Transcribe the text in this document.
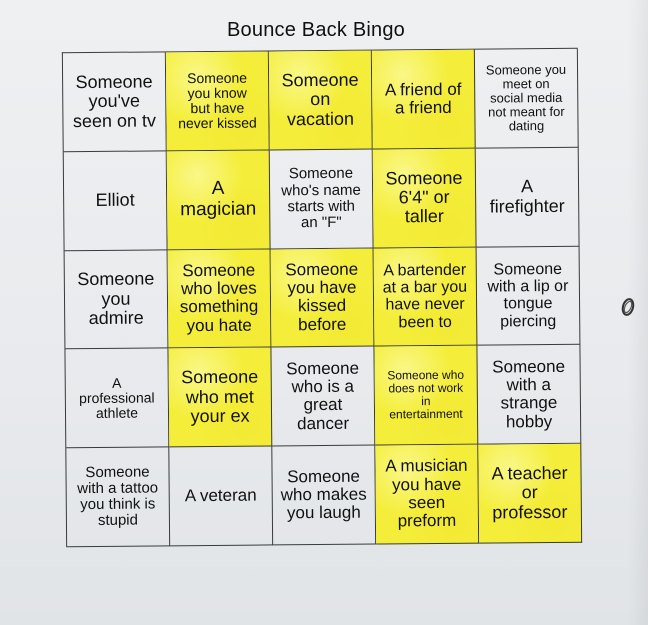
Bounce Back Bingo
Someone
you've
seen on tv
Someone
you know
but have
never kissed
Someone
on
vacation
A friend of
a friend
Someone you
meet on
social media
not meant for
dating
Elliot
A
magician
Someone
who's name
starts with
an "F"
Someone
6'4" or
taller
A
firefighter
Someone
you
admire
Someone
who loves
something
you hate
Someone
you have
kissed
before
A bartender
at a bar you
have never
been to
Someone
with a lip or
tongue
piercing
A
professional
athlete
Someone
who met
your ex
Someone
who is a
great
dancer
Someone who
does not work
in
entertainment
Someone
with a
strange
hobby
Someone
with a tattoo
you think is
stupid
A veteran
Someone
who makes
you laugh
A musician
you have
seen
preform
A teacher
or
professor
